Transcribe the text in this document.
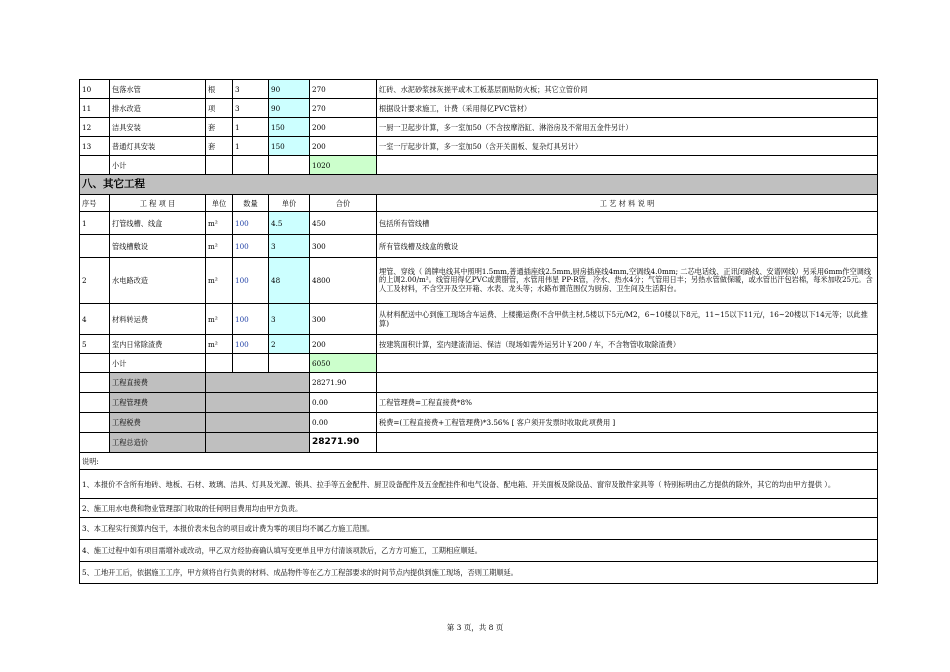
10	包落水管	根	3	90	270	红砖、水泥砂浆抹灰搓平或木工板基层面贴防火板；其它立管价同
11	排水改造	项	3	90	270	根据设计要求施工，计费（采用得亿PVC管材）
12	洁具安装	套	1	150	200	一厨一卫起步计算，多一室加50（不含按摩浴缸、淋浴房及不常用五金件另计）
13	普通灯具安装	套	1	150	200	一室一厅起步计算，多一室加50（含开关面板、复杂灯具另计）
	小计				1020	
八、其它工程						
序号	工 程 项 目	单位	数量	单价	合价	工 艺 材 料 说 明
1	打管线槽、线盒	m²	100	4.5	450	包括所有管线槽
	管线槽敷设	m²	100	3	300	所有管线槽及线盒的敷设
2	水电路改造	m²	100	48	4800	埋管、穿线（ 鸽牌电线其中照明1.5mm,普通插座线2.5mm,厨房插座线4mm,空调线4.0mm; 二芯电话线、正讯闭路线、安谱网线）另采用6mm作空调线的上调2.00/m²。线管用得亿PVC或黄腊管，水管用伟星 PP-R管，冷水、热水4分；气管用日丰；另热水管做保暖，或水管出汗包岩棉，每米加收25元。含人工及材料，不含空开及空开箱、水表、龙头等；水路布置范围仅为厨房、卫生间及生活阳台。
4	材料转运费	m²	100	3	300	从材料配送中心到施工现场含车运费、上楼搬运费(不含甲供主材,5楼以下5元/M2，6~10楼以下8元，11~15以下11元/，16~20楼以下14元等；以此推算)
5	室内日常除渣费	m²	100	2	200	按建筑面积计算，室内建渣清运、保洁（现场如需外运另计￥200 / 车，不含物管收取除渣费）
	小计				6050	
	工程直接费				28271.90	
	工程管理费				0.00	工程管理费=工程直接费*8%
	工程税费				0.00	税费=(工程直接费+工程管理费)*3.56% [ 客户须开发票时收取此项费用 ]
	工程总造价				28271.90	
说明:						
1、本报价不含所有地砖、地板、石材、玻璃、洁具、灯具及光源、锁具、拉手等五金配件、厨卫设备配件及五金配挂件和电气设备、配电箱、开关面板及除设品、窗帘及散件家具等（ 特别标明由乙方提供的除外，其它的均由甲方提供 ）。						
2、施工用水电费和物业管理部门收取的任何明目费用均由甲方负责。						
3、本工程实行预算内包干，本报价表未包含的项目或计费为零的项目均不属乙方施工范围。						
4、施工过程中如有项目需增补或改动，甲乙双方经协商确认填写变更单且甲方付清该项款后，乙方方可施工，工期相应顺延。						
5、工地开工后，依据施工工序，甲方须将自行负责的材料、成品物件等在乙方工程部要求的时间节点内提供到施工现场，否则工期顺延。						
第 3 页，共 8 页
